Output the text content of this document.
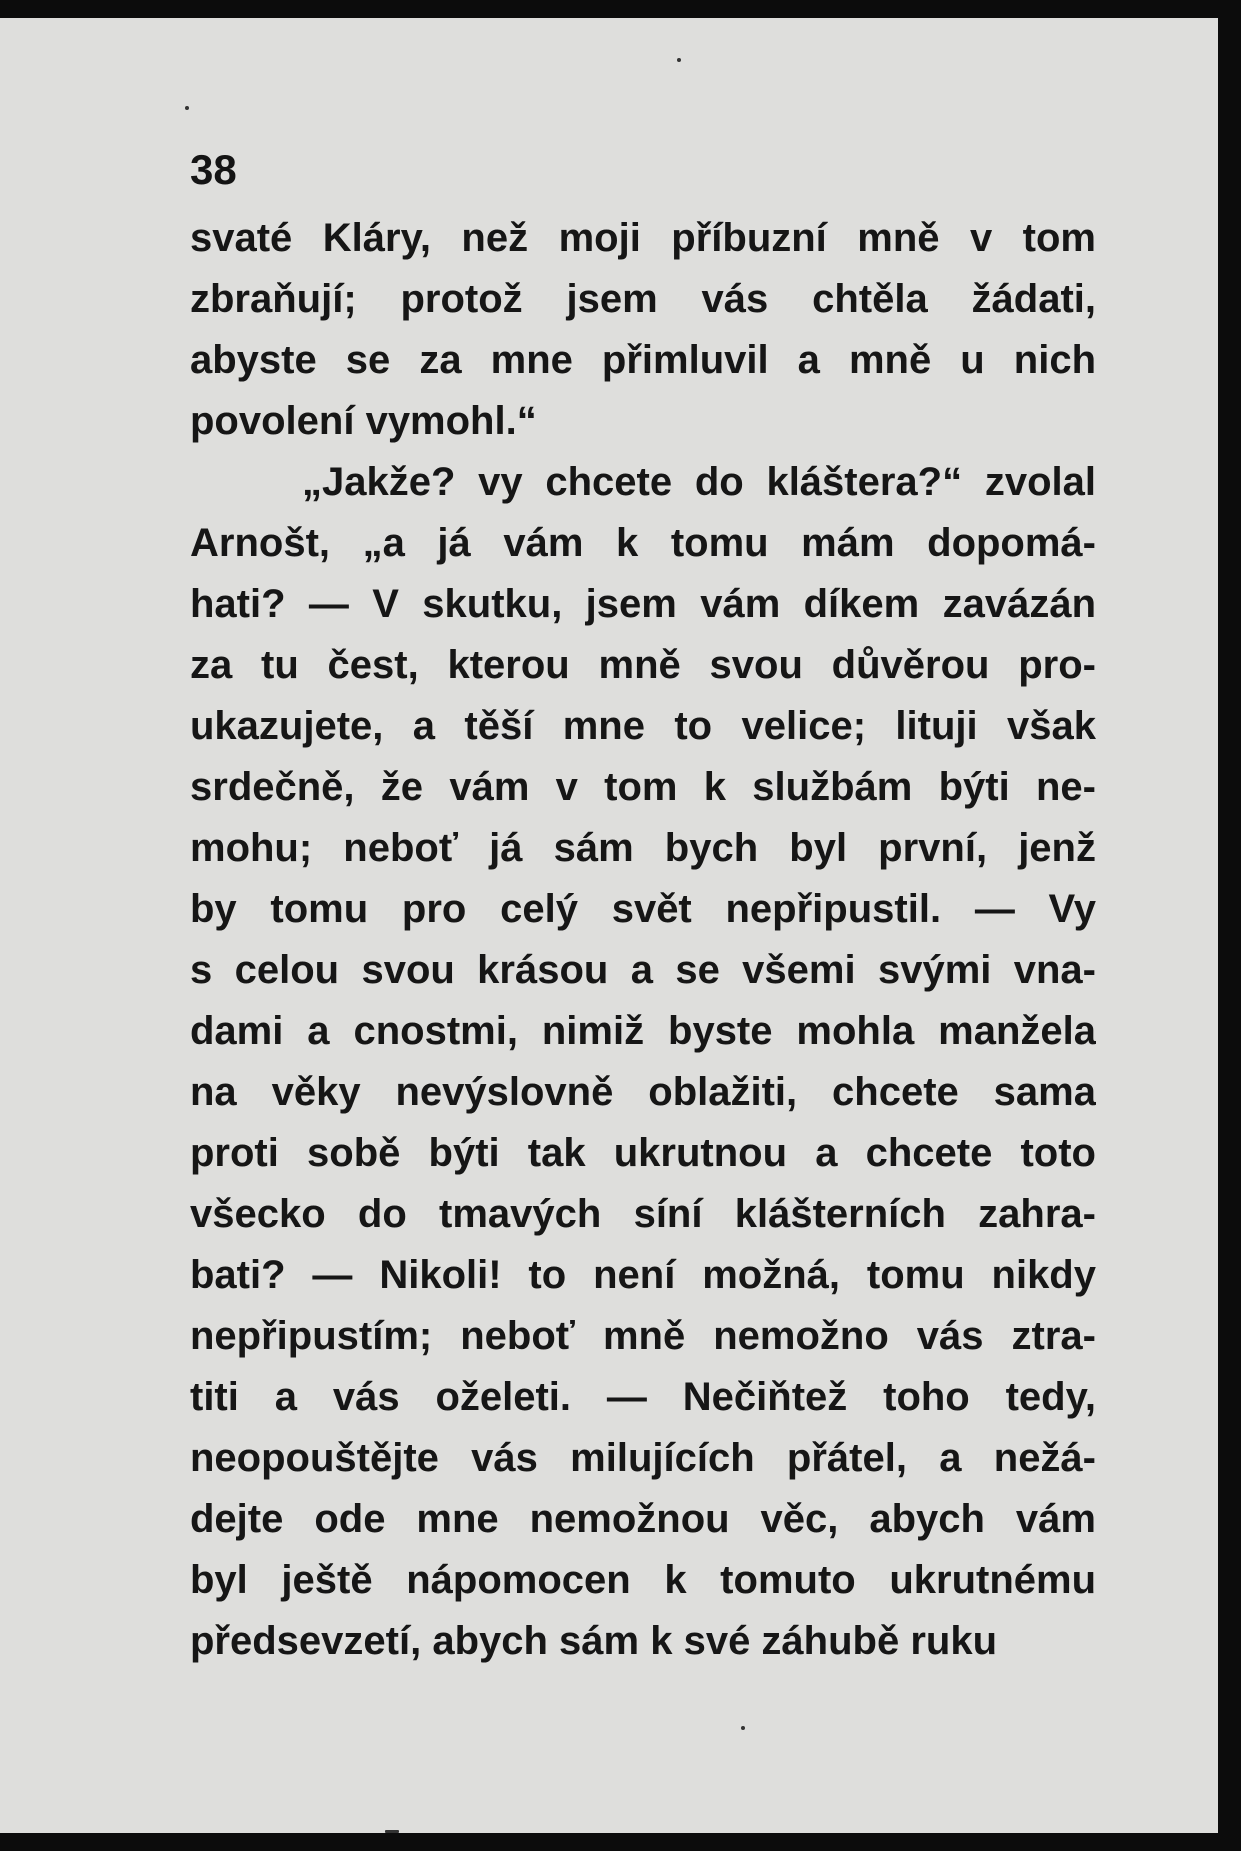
38
svaté Kláry, než moji příbuzní mně v tom
zbraňují; protož jsem vás chtěla žádati,
abyste se za mne přimluvil a mně u nich
povolení vymohl.“
„Jakže? vy chcete do kláštera?“ zvolal
Arnošt, „a já vám k tomu mám dopomá-
hati? — V skutku, jsem vám díkem zavázán
za tu čest, kterou mně svou důvěrou pro-
ukazujete, a těší mne to velice; lituji však
srdečně, že vám v tom k službám býti ne-
mohu; neboť já sám bych byl první, jenž
by tomu pro celý svět nepřipustil. — Vy
s celou svou krásou a se všemi svými vna-
dami a cnostmi, nimiž byste mohla manžela
na věky nevýslovně oblažiti, chcete sama
proti sobě býti tak ukrutnou a chcete toto
všecko do tmavých síní klášterních zahra-
bati? — Nikoli! to není možná, tomu nikdy
nepřipustím; neboť mně nemožno vás ztra-
titi a vás oželeti. — Nečiňtež toho tedy,
neopouštějte vás milujících přátel, a nežá-
dejte ode mne nemožnou věc, abych vám
byl ještě nápomocen k tomuto ukrutnému
předsevzetí, abych sám k své záhubě ruku
